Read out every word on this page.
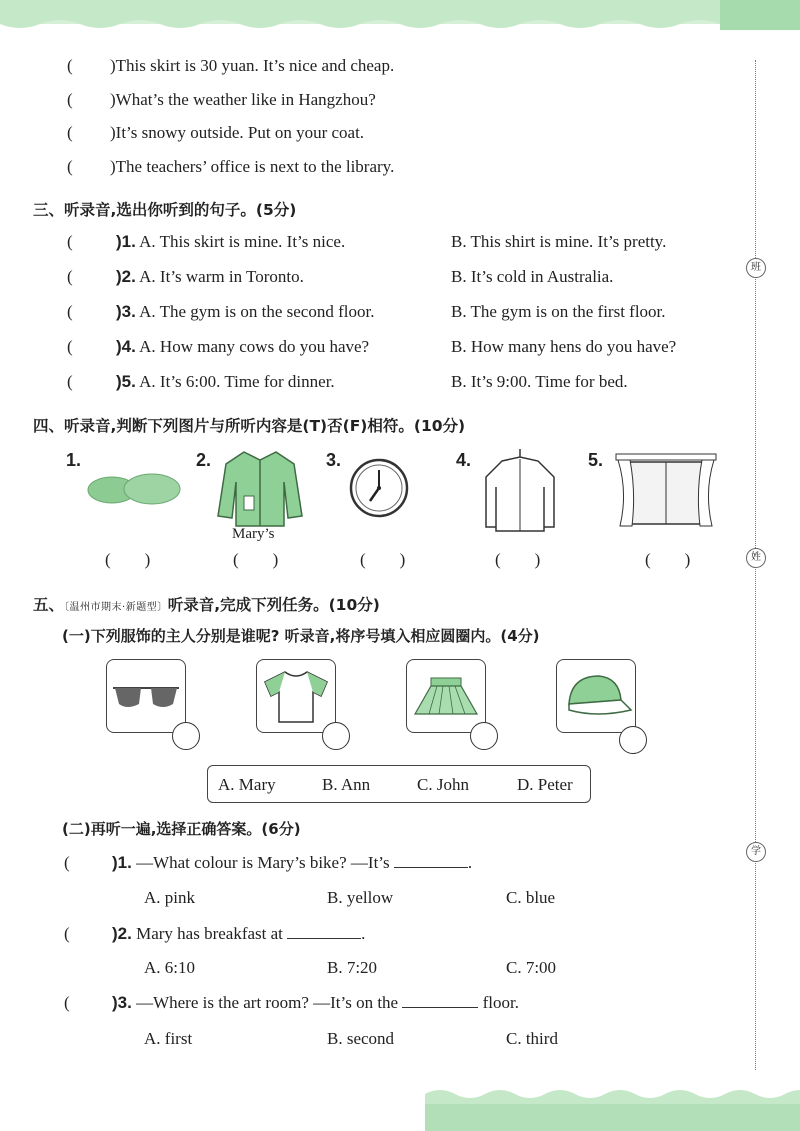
班
姓
学
( )This skirt is 30 yuan. It’s nice and cheap.
( )What’s the weather like in Hangzhou?
( )It’s snowy outside. Put on your coat.
( )The teachers’ office is next to the library.
三、听录音,选出你听到的句子。(5分)
(	)1. A. This skirt is mine. It’s nice.	B. This shirt is mine. It’s pretty.
(	)2. A. It’s warm in Toronto.	B. It’s cold in Australia.
(	)3. A. The gym is on the second floor.	B. The gym is on the first floor.
(	)4. A. How many cows do you have?	B. How many hens do you have?
(	)5. A. It’s 6:00. Time for dinner.	B. It’s 9:00. Time for bed.
四、听录音,判断下列图片与所听内容是(T)否(F)相符。(10分)
1.	2.
Mary’s
3.	4.	5.
( )	( )	( )	( )	( )
五、〔温州市期末·新题型〕听录音,完成下列任务。(10分)
(一)下列服饰的主人分别是谁呢? 听录音,将序号填入相应圆圈内。(4分)
A. Mary	B. Ann	C. John	D. Peter
(二)再听一遍,选择正确答案。(6分)
( )1. —What colour is Mary’s bike? —It’s	.
A. pink	B. yellow	C. blue
( )2. Mary has breakfast at	.
A. 6:10	B. 7:20	C. 7:00
( )3. —Where is the art room? —It’s on the	floor.
A. first	B. second	C. third
